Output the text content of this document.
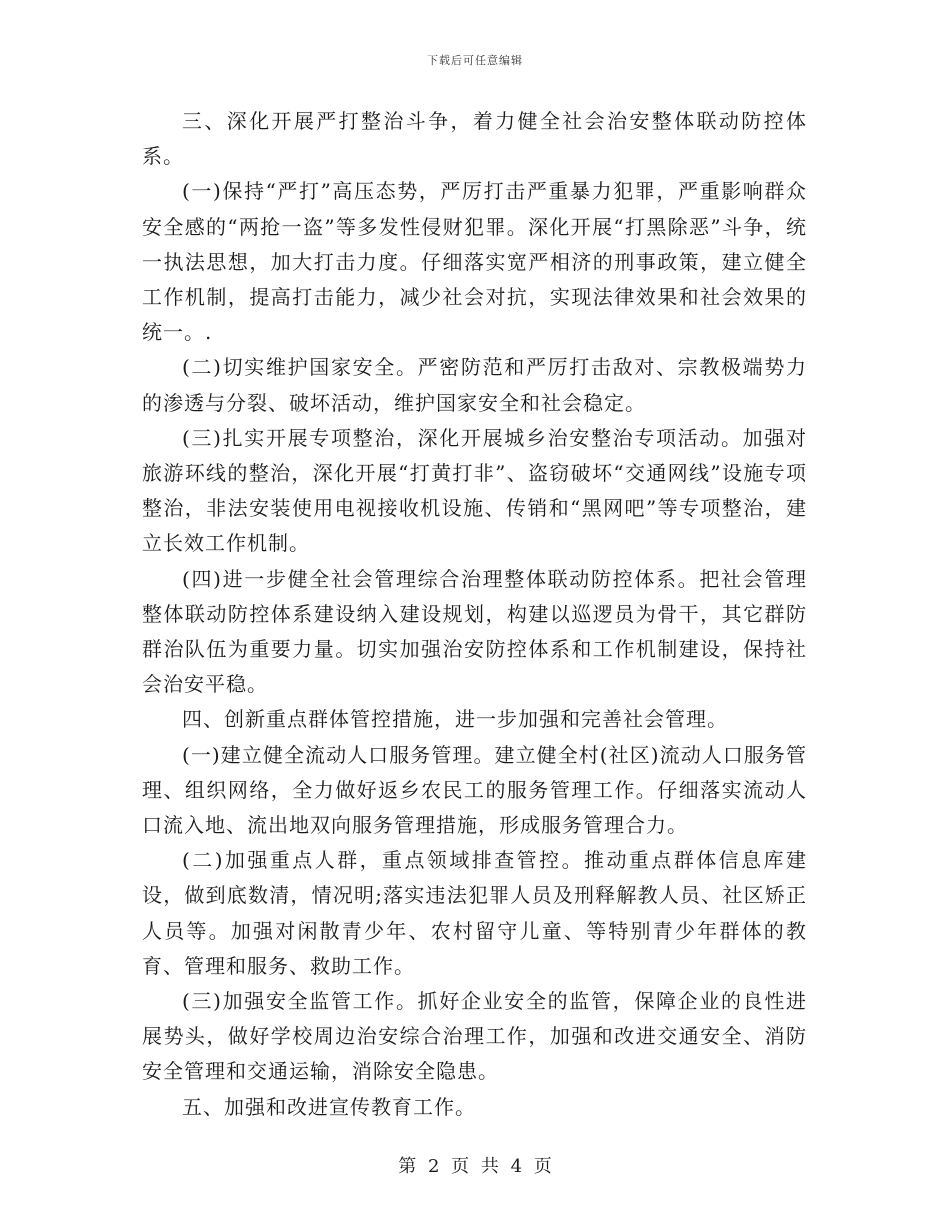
下载后可任意编辑

三、深化开展严打整治斗争，着力健全社会治安整体联动防控体系。

(一)保持“严打”高压态势，严厉打击严重暴力犯罪，严重影响群众安全感的“两抢一盗”等多发性侵财犯罪。深化开展“打黑除恶”斗争，统一执法思想，加大打击力度。仔细落实宽严相济的刑事政策，建立健全工作机制，提高打击能力，减少社会对抗，实现法律效果和社会效果的统一。.

(二)切实维护国家安全。严密防范和严厉打击敌对、宗教极端势力的渗透与分裂、破坏活动，维护国家安全和社会稳定。

(三)扎实开展专项整治，深化开展城乡治安整治专项活动。加强对旅游环线的整治，深化开展“打黄打非”、盗窃破坏“交通网线”设施专项整治，非法安装使用电视接收机设施、传销和“黑网吧”等专项整治，建立长效工作机制。

(四)进一步健全社会管理综合治理整体联动防控体系。把社会管理整体联动防控体系建设纳入建设规划，构建以巡逻员为骨干，其它群防群治队伍为重要力量。切实加强治安防控体系和工作机制建设，保持社会治安平稳。

四、创新重点群体管控措施，进一步加强和完善社会管理。

(一)建立健全流动人口服务管理。建立健全村(社区)流动人口服务管理、组织网络，全力做好返乡农民工的服务管理工作。仔细落实流动人口流入地、流出地双向服务管理措施，形成服务管理合力。

(二)加强重点人群，重点领域排查管控。推动重点群体信息库建设，做到底数清，情况明;落实违法犯罪人员及刑释解教人员、社区矫正人员等。加强对闲散青少年、农村留守儿童、等特别青少年群体的教育、管理和服务、救助工作。

(三)加强安全监管工作。抓好企业安全的监管，保障企业的良性进展势头，做好学校周边治安综合治理工作，加强和改进交通安全、消防安全管理和交通运输，消除安全隐患。

五、加强和改进宣传教育工作。

第 2 页 共 4 页
